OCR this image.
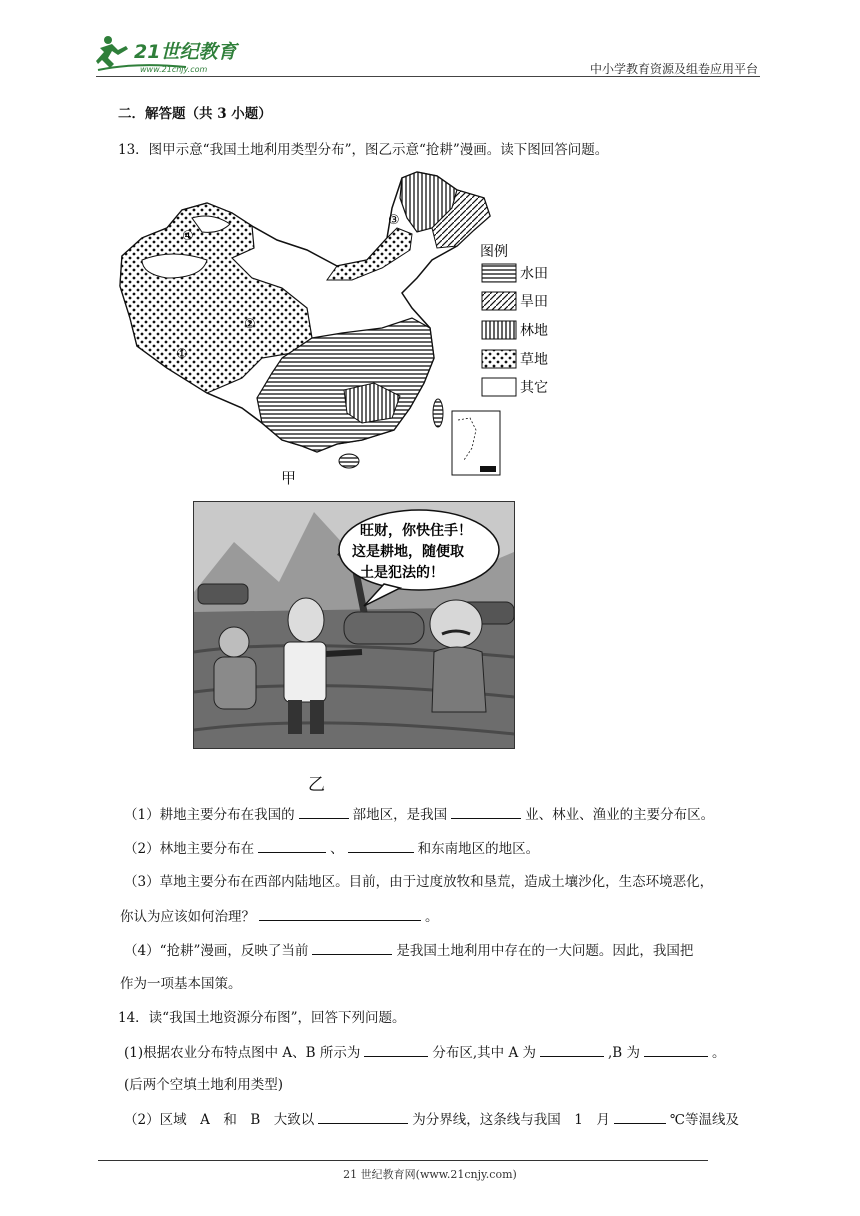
21世纪教育
www.21cnjy.com	中小学教育资源及组卷应用平台
二．解答题（共 3 小题）
13．图甲示意“我国土地利用类型分布”，图乙示意“抢耕”漫画。读下图回答问题。
④
③
②
①
图例
水田
旱田
林地
草地
其它
甲
旺财，你快住手！
这是耕地，随便取
土是犯法的！
乙
（1）耕地主要分布在我国的	部地区，是我国	业、林业、渔业的主要分布区。
（2）林地主要分布在	、	和东南地区的地区。
（3）草地主要分布在西部内陆地区。目前，由于过度放牧和垦荒，造成土壤沙化，生态环境恶化，
你认为应该如何治理？	。
（4）“抢耕”漫画，反映了当前	是我国土地利用中存在的一大问题。因此，我国把
作为一项基本国策。
14．读“我国土地资源分布图”，回答下列问题。
(1)根据农业分布特点图中 A、B 所示为	分布区,其中 A 为	,B 为	。
(后两个空填土地利用类型)
（2）区域　A　和　B　大致以	为分界线，这条线与我国　1　月	℃等温线及
21 世纪教育网(www.21cnjy.com)
